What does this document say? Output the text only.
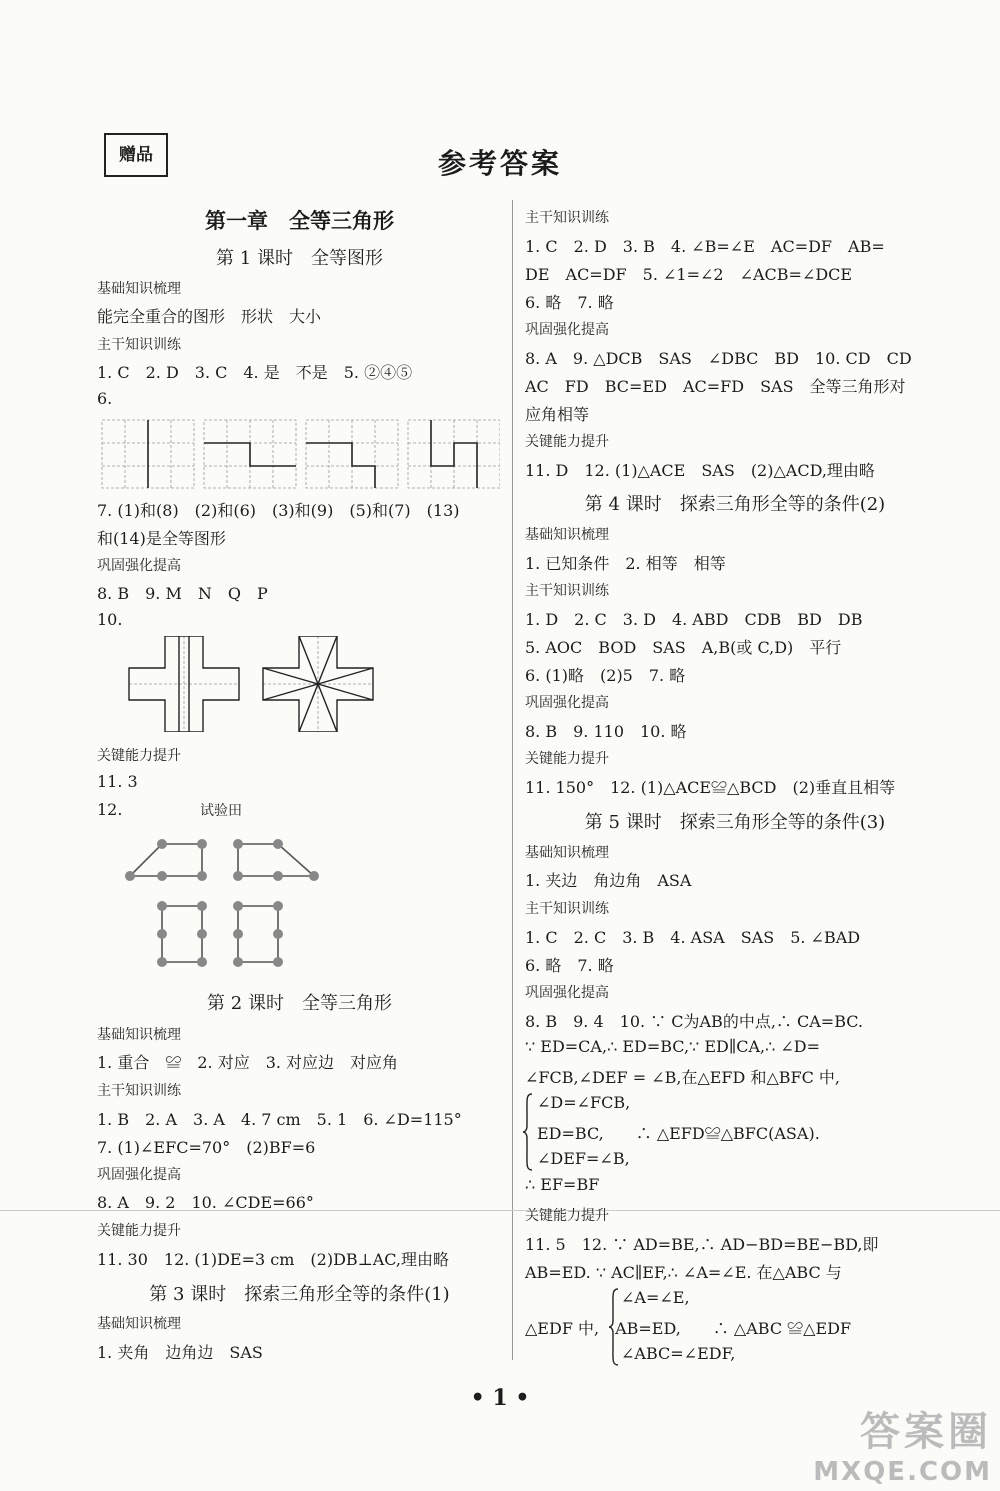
赠品	参考答案
第一章　全等三角形
第 1 课时　全等图形
基础知识梳理
能完全重合的图形　形状　大小
主干知识训练
1. C　2. D　3. C　4. 是　不是　5. ②④⑤
6.
7. (1)和(8)　(2)和(6)　(3)和(9)　(5)和(7)　(13)
和(14)是全等图形
巩固强化提高
8. B　9. M　N　Q　P
10.
关键能力提升
11. 3
12.	试验田
第 2 课时　全等三角形
基础知识梳理
1. 重合　≌　2. 对应　3. 对应边　对应角
主干知识训练
1. B　2. A　3. A　4. 7 cm　5. 1　6. ∠D=115°
7. (1)∠EFC=70°　(2)BF=6
巩固强化提高
8. A　9. 2　10. ∠CDE=66°
关键能力提升
11. 30　12. (1)DE=3 cm　(2)DB⊥AC,理由略
第 3 课时　探索三角形全等的条件(1)
基础知识梳理
1. 夹角　边角边　SAS
主干知识训练
1. C　2. D　3. B　4. ∠B=∠E　AC=DF　AB=
DE　AC=DF　5. ∠1=∠2　∠ACB=∠DCE
6. 略　7. 略
巩固强化提高
8. A　9. △DCB　SAS　∠DBC　BD　10. CD　CD
AC　FD　BC=ED　AC=FD　SAS　全等三角形对
应角相等
关键能力提升
11. D　12. (1)△ACE　SAS　(2)△ACD,理由略
第 4 课时　探索三角形全等的条件(2)
基础知识梳理
1. 已知条件　2. 相等　相等
主干知识训练
1. D　2. C　3. D　4. ABD　CDB　BD　DB
5. AOC　BOD　SAS　A,B(或 C,D)　平行
6. (1)略　(2)5　7. 略
巩固强化提高
8. B　9. 110　10. 略
关键能力提升
11. 150°　12. (1)△ACE≌△BCD　(2)垂直且相等
第 5 课时　探索三角形全等的条件(3)
基础知识梳理
1. 夹边　角边角　ASA
主干知识训练
1. C　2. C　3. B　4. ASA　SAS　5. ∠BAD
6. 略　7. 略
巩固强化提高
8. B　9. 4　10. ∵ C为AB的中点,∴ CA=BC.
∵ ED=CA,∴ ED=BC,∵ ED∥CA,∴ ∠D=
∠FCB,∠DEF = ∠B,在△EFD 和△BFC 中,
∠D=∠FCB,
ED=BC,　　∴ △EFD≌△BFC(ASA).
∠DEF=∠B,
∴ EF=BF
关键能力提升
11. 5　12. ∵ AD=BE,∴ AD−BD=BE−BD,即
AB=ED. ∵ AC∥EF,∴ ∠A=∠E. 在△ABC 与
∠A=∠E,
△EDF 中,　AB=ED,　　∴ △ABC ≌△EDF
∠ABC=∠EDF,
• 1 •
答案圈
MXQE.COM
